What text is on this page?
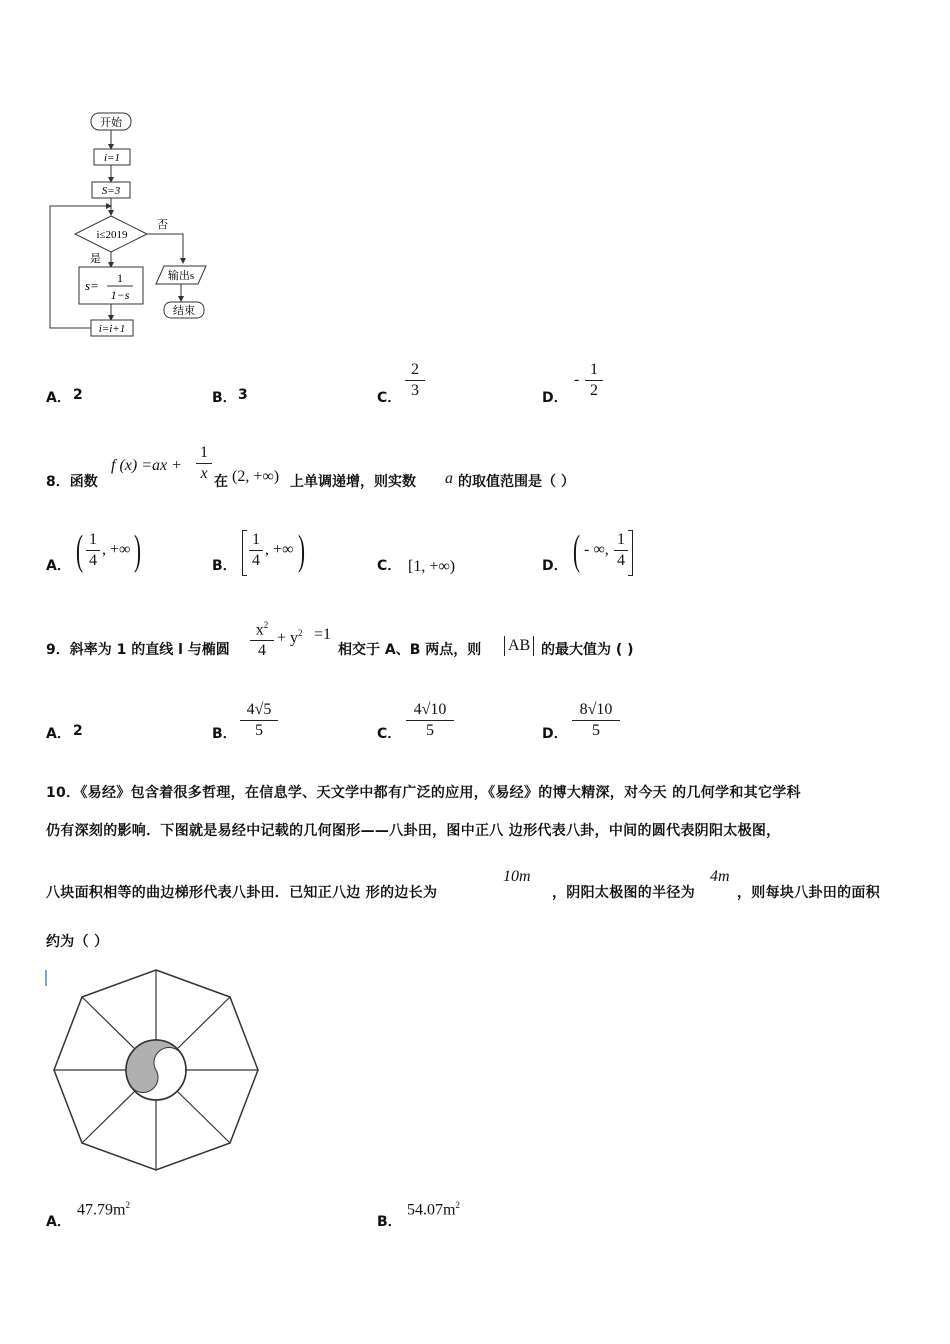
开始
i=1
S=3
i≤2019
否
输出s
结束
是
s= 1
1−s
i=i+1
A． 2	B． 3	C．
2
3	D．
-
1
2
8．函数
f (x) =ax +
1
x 在 (2, +∞) 上单调递增，则实数 a 的取值范围是（ ）
A． ( 1
4
, +∞ )	B．
1
4
, +∞ )	C． [1, +∞)	D． ( - ∞,
1
4
9．斜率为 1 的直线 l 与椭圆
$x^2$
4
+ $y^2 =1$
相交于 A、B 两点，则 AB 的最大值为 ( )
A． 2	B．
4√5
5	C．
4√10
5	D．
8√10
5
10．《易经》包含着很多哲理，在信息学、天文学中都有广泛的应用，《易经》的博大精深，对今天 的几何学和其它学科
仍有深刻的影响．下图就是易经中记载的几何图形——八卦田，图中正八 边形代表八卦，中间的圆代表阴阳太极图，
八块面积相等的曲边梯形代表八卦田．已知正八边 形的边长为
10m
，阴阳太极图的半径为
4m
，则每块八卦田的面积
约为（ ）
A．
$47.79m^2$
B．
$54.07m^2$
